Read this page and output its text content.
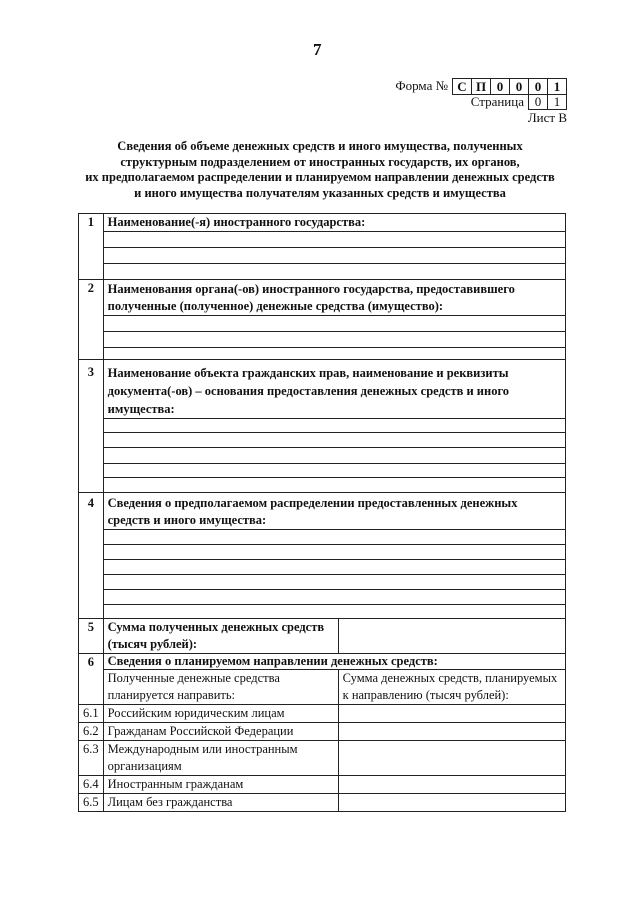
7
Форма № С П 0 0 0 1
Страница 0 1
Лист В
Сведения об объеме денежных средств и иного имущества, полученных
структурным подразделением от иностранных государств, их органов,
их предполагаемом распределении и планируемом направлении денежных средств
и иного имущества получателям указанных средств и имущества
1	Наименование(-я) иностранного государства:	

2	Наименования органа(-ов) иностранного государства, предоставившего полученные (полученное) денежные средства (имущество):	

3	Наименование объекта гражданских прав, наименование и реквизиты документа(-ов) – основания предоставления денежных средств и иного имущества:	

4	Сведения о предполагаемом распределении предоставленных денежных средств и иного имущества:	

5	Сумма полученных денежных средств (тысяч рублей):	
6	Сведения о планируемом направлении денежных средств:	
	Полученные денежные средства планируется направить:	Сумма денежных средств, планируемых к направлению (тысяч рублей):
6.1	Российским юридическим лицам	
6.2	Гражданам Российской Федерации	
6.3	Международным или иностранным организациям	
6.4	Иностранным гражданам	
6.5	Лицам без гражданства	
